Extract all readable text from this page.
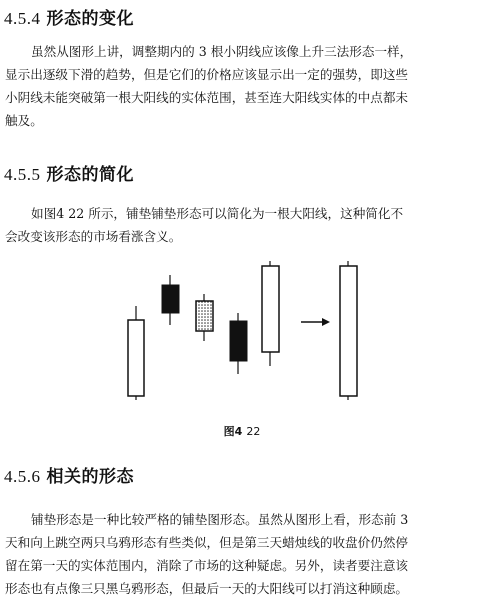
4.5.4 形态的变化

虽然从图形上讲，调整期内的 3 根小阴线应该像上升三法形态一样，
显示出逐级下滑的趋势，但是它们的价格应该显示出一定的强势，即这些
小阴线未能突破第一根大阳线的实体范围，甚至连大阳线实体的中点都未
触及。

4.5.5 形态的简化

如图4 22 所示，铺垫铺垫形态可以简化为一根大阳线，这种简化不
会改变该形态的市场看涨含义。

图4 22

4.5.6 相关的形态

铺垫形态是一种比较严格的铺垫图形态。虽然从图形上看，形态前 3
天和向上跳空两只乌鸦形态有些类似，但是第三天蜡烛线的收盘价仍然停
留在第一天的实体范围内，消除了市场的这种疑虑。另外，读者要注意该
形态也有点像三只黑乌鸦形态，但最后一天的大阳线可以打消这种顾虑。
